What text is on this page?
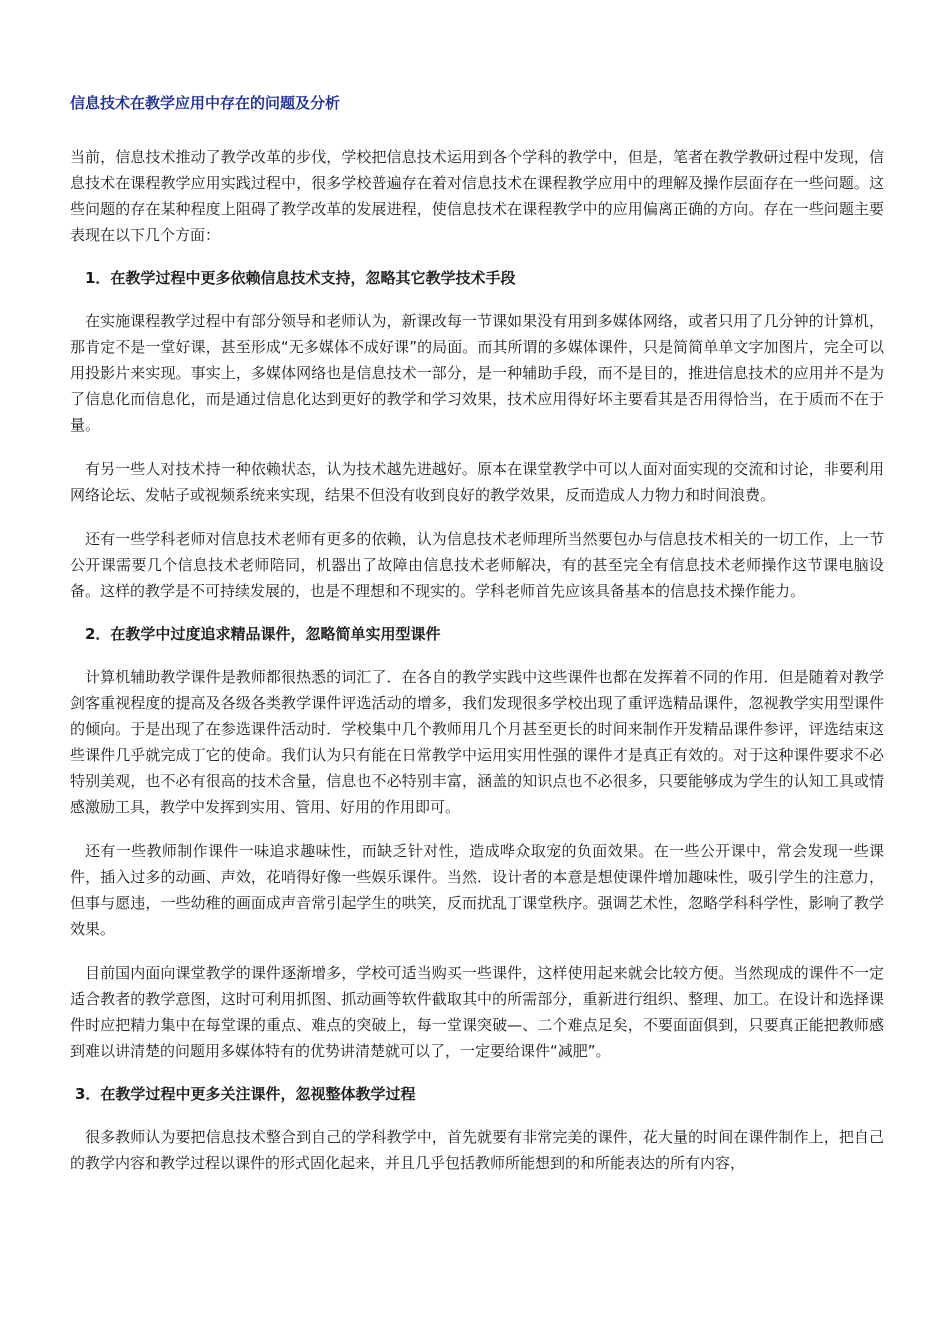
信息技术在教学应用中存在的问题及分析

当前，信息技术推动了教学改革的步伐，学校把信息技术运用到各个学科的教学中，但是，笔者在教学教研过程中发现，信息技术在课程教学应用实践过程中，很多学校普遍存在着对信息技术在课程教学应用中的理解及操作层面存在一些问题。这些问题的存在某种程度上阻碍了教学改革的发展进程，使信息技术在课程教学中的应用偏离正确的方向。存在一些问题主要表现在以下几个方面：

1．在教学过程中更多依赖信息技术支持，忽略其它教学技术手段

在实施课程教学过程中有部分领导和老师认为，新课改每一节课如果没有用到多媒体网络，或者只用了几分钟的计算机，那肯定不是一堂好课，甚至形成“无多媒体不成好课”的局面。而其所谓的多媒体课件，只是简简单单文字加图片，完全可以用投影片来实现。事实上，多媒体网络也是信息技术一部分，是一种辅助手段，而不是目的，推进信息技术的应用并不是为了信息化而信息化，而是通过信息化达到更好的教学和学习效果，技术应用得好坏主要看其是否用得恰当，在于质而不在于量。

有另一些人对技术持一种依赖状态，认为技术越先进越好。原本在课堂教学中可以人面对面实现的交流和讨论，非要利用网络论坛、发帖子或视频系统来实现，结果不但没有收到良好的教学效果，反而造成人力物力和时间浪费。

还有一些学科老师对信息技术老师有更多的依赖，认为信息技术老师理所当然要包办与信息技术相关的一切工作，上一节公开课需要几个信息技术老师陪同，机器出了故障由信息技术老师解决，有的甚至完全有信息技术老师操作这节课电脑设备。这样的教学是不可持续发展的，也是不理想和不现实的。学科老师首先应该具备基本的信息技术操作能力。

2．在教学中过度追求精品课件，忽略简单实用型课件

计算机辅助教学课件是教师都很热悉的词汇了．在各自的教学实践中这些课件也都在发挥着不同的作用．但是随着对教学剑客重视程度的提高及各级各类教学课件评选活动的增多，我们发现很多学校出现了重评选精品课件，忽视教学实用型课件的倾向。于是出现了在参选课件活动时．学校集中几个教师用几个月甚至更长的时间来制作开发精品课件参评，评选结束这些课件几乎就完成丁它的使命。我们认为只有能在日常教学中运用实用性强的课件才是真正有效的。对于这种课件要求不必特别美观，也不必有很高的技术含量，信息也不必特别丰富，涵盖的知识点也不必很多，只要能够成为学生的认知工具或情感激励工具，教学中发挥到实用、管用、好用的作用即可。

还有一些教师制作课件一味追求趣味性，而缺乏针对性，造成哗众取宠的负面效果。在一些公开课中，常会发现一些课件，插入过多的动画、声效，花哨得好像一些娱乐课件。当然．设计者的本意是想使课件增加趣味性，吸引学生的注意力，但事与愿违，一些幼稚的画面成声音常引起学生的哄笑，反而扰乱丁课堂秩序。强调艺术性，忽略学科科学性，影响了教学效果。

目前国内面向课堂教学的课件逐渐增多，学校可适当购买一些课件，这样使用起来就会比较方便。当然现成的课件不一定适合教者的教学意图，这时可利用抓图、抓动画等软件截取其中的所需部分，重新进行组织、整理、加工。在设计和选择课件时应把精力集中在每堂课的重点、难点的突破上，每一堂课突破—、二个难点足矣，不要面面俱到，只要真正能把教师感到难以讲清楚的问题用多媒体特有的优势讲清楚就可以了，一定要给课件“减肥”。

3．在教学过程中更多关注课件，忽视整体教学过程

很多教师认为要把信息技术整合到自己的学科教学中，首先就要有非常完美的课件，花大量的时间在课件制作上，把自己的教学内容和教学过程以课件的形式固化起来，并且几乎包括教师所能想到的和所能表达的所有内容，
